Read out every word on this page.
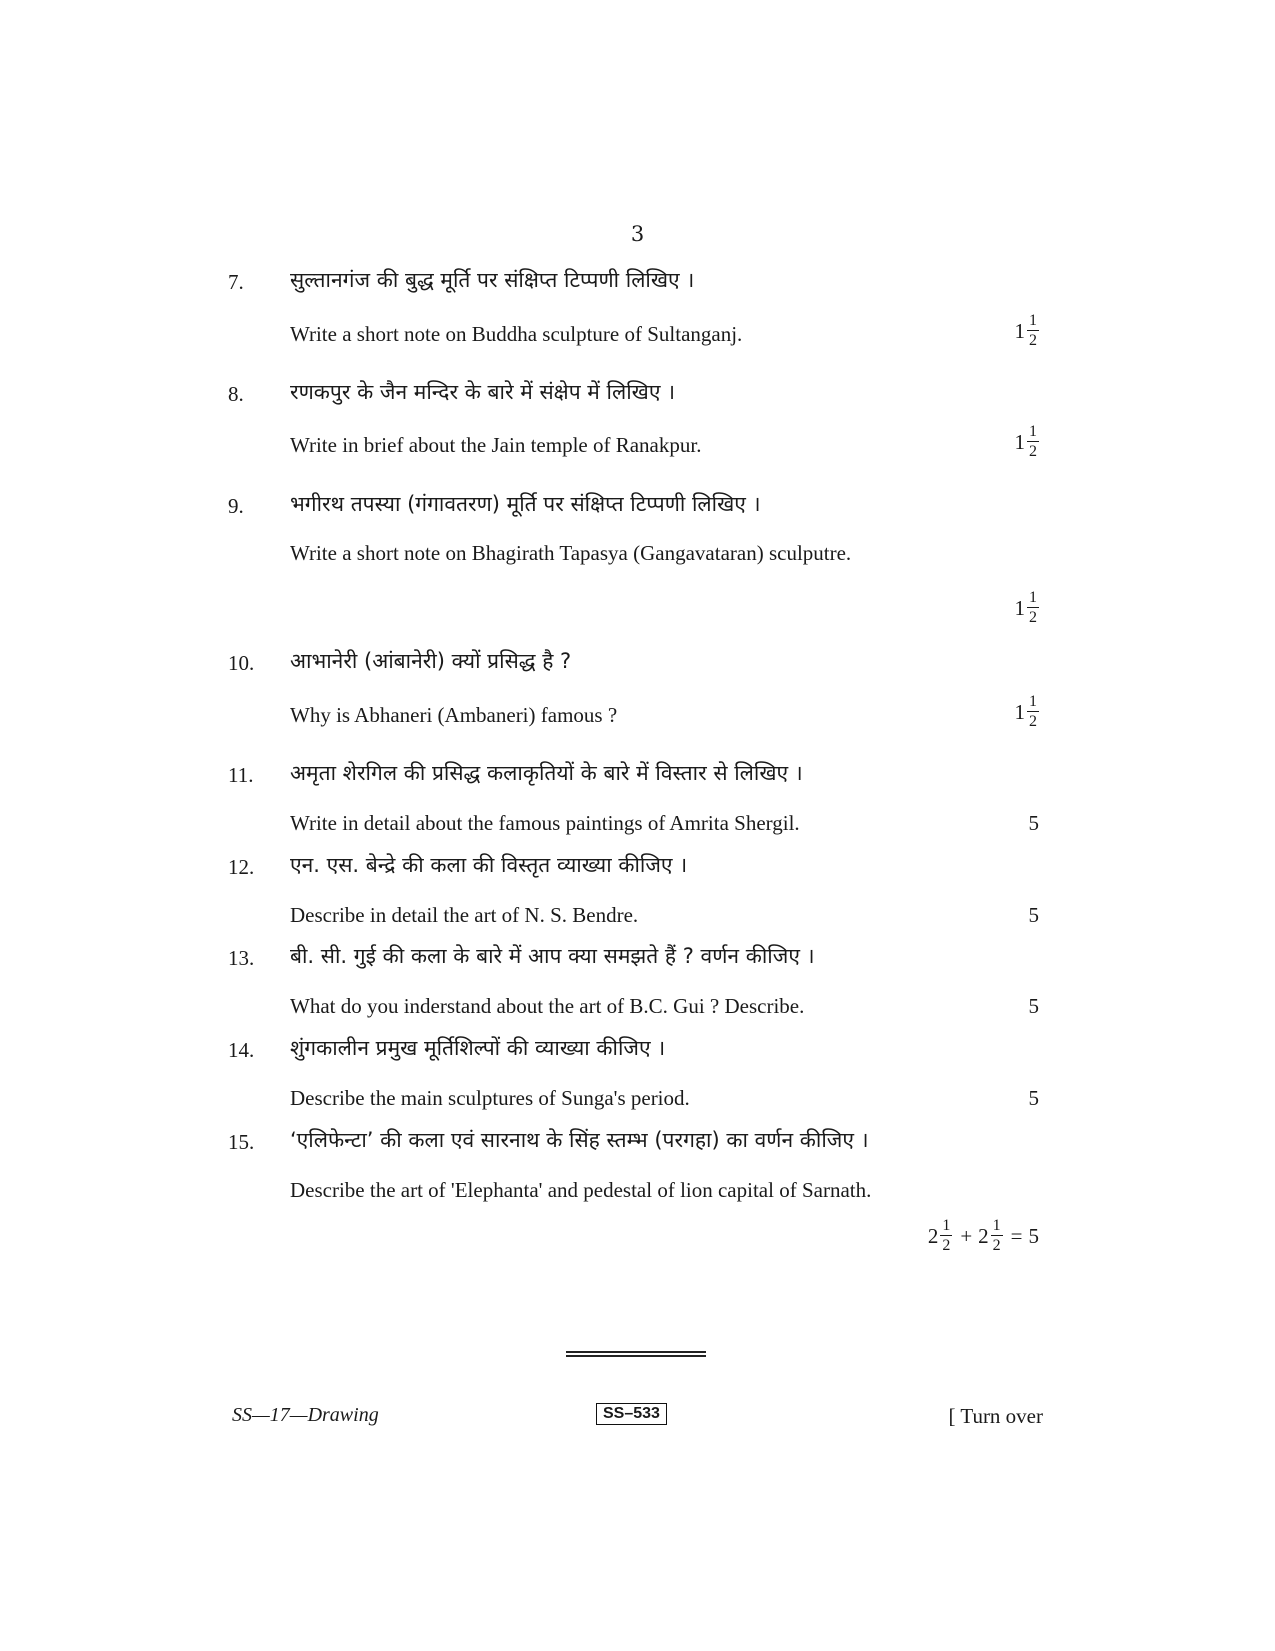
3
7. सुल्तानगंज की बुद्ध मूर्ति पर संक्षिप्त टिप्पणी लिखिए ।
Write a short note on Buddha sculpture of Sultanganj.	$1 \frac{1}{2}$
8. रणकपुर के जैन मन्दिर के बारे में संक्षेप में लिखिए ।
Write in brief about the Jain temple of Ranakpur.	$1 \frac{1}{2}$
9. भगीरथ तपस्या (गंगावतरण) मूर्ति पर संक्षिप्त टिप्पणी लिखिए ।
Write a short note on Bhagirath Tapasya (Gangavataran) sculputre.
$1 \frac{1}{2}$
10. आभानेरी (आंबानेरी) क्यों प्रसिद्ध है ?
Why is Abhaneri (Ambaneri) famous ?	$1 \frac{1}{2}$
11. अमृता शेरगिल की प्रसिद्ध कलाकृतियों के बारे में विस्तार से लिखिए ।
Write in detail about the famous paintings of Amrita Shergil.	5
12. एन. एस. बेन्द्रे की कला की विस्तृत व्याख्या कीजिए ।
Describe in detail the art of N. S. Bendre.	5
13. बी. सी. गुई की कला के बारे में आप क्या समझते हैं ? वर्णन कीजिए ।
What do you inderstand about the art of B.C. Gui ? Describe.	5
14. शुंगकालीन प्रमुख मूर्तिशिल्पों की व्याख्या कीजिए ।
Describe the main sculptures of Sunga's period.	5
15. ‘एलिफेन्टा’ की कला एवं सारनाथ के सिंह स्तम्भ (परगहा) का वर्णन कीजिए ।
Describe the art of 'Elephanta' and pedestal of lion capital of Sarnath.
$2 \frac{1}{2} + 2 \frac{1}{2} = 5$
SS—17—Drawing	SS–533	[ Turn over
